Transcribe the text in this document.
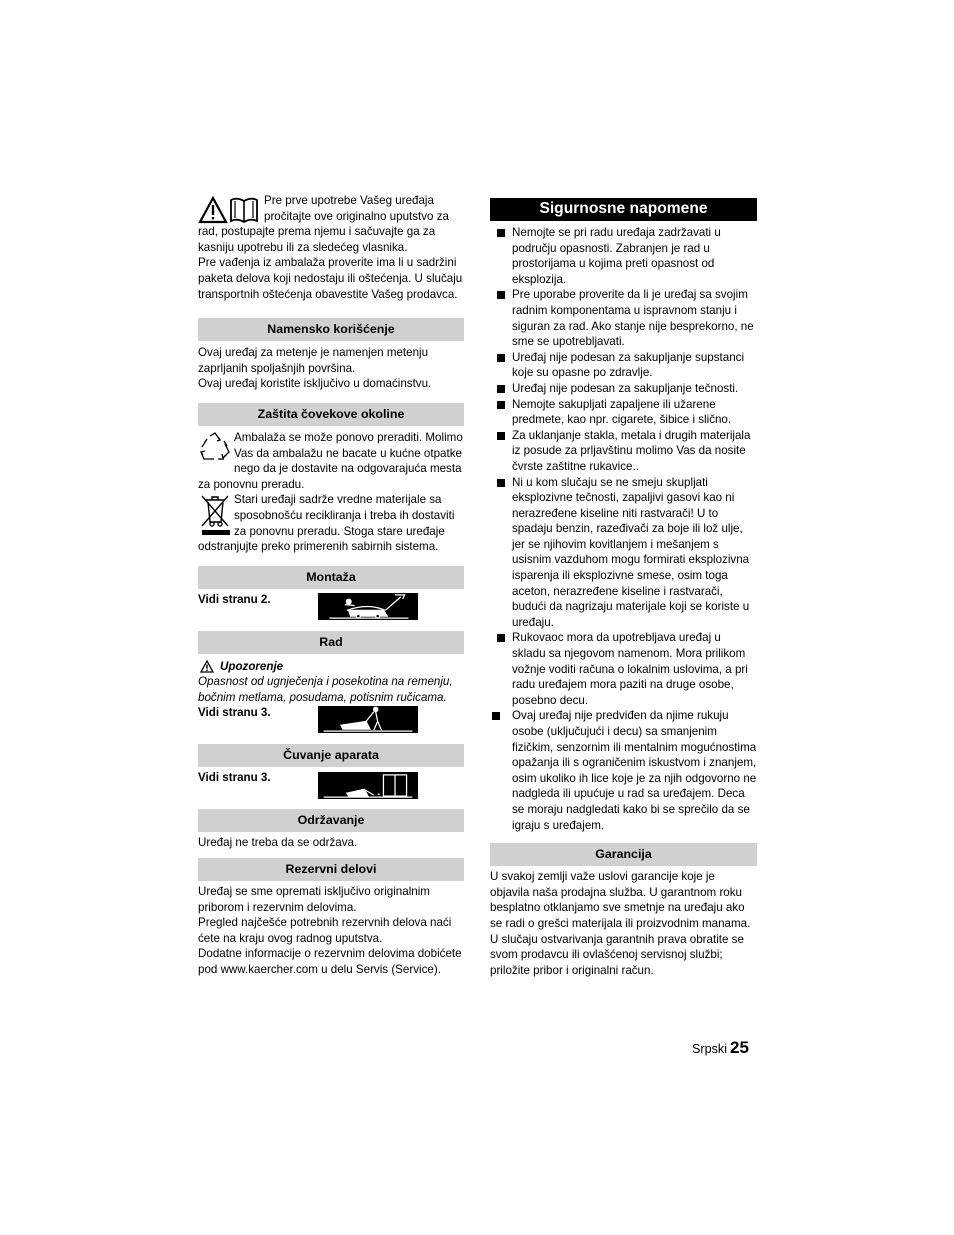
Pre prve upotrebe Vašeg uređaja pročitajte ove originalno uputstvo za rad, postupajte prema njemu i sačuvajte ga za kasniju upotrebu ili za sledećeg vlasnika.

Pre vađenja iz ambalaža proverite ima li u sadržini paketa delova koji nedostaju ili oštećenja. U slučaju transportnih oštećenja obavestite Vašeg prodavca.

Namensko korišćenje

Ovaj uređaj za metenje je namenjen metenju zaprljanih spoljašnjih površina.

Ovaj uređaj koristite isključivo u domaćinstvu.

Zaštita čovekove okoline

Ambalaža se može ponovo preraditi. Molimo Vas da ambalažu ne bacate u kućne otpatke nego da je dostavite na odgovarajuća mesta za ponovnu preradu.

Stari uređaji sadrže vredne materijale sa sposobnošću recikliranja i treba ih dostaviti za ponovnu preradu. Stoga stare uređaje odstranjujte preko primerenih sabirnih sistema.

Montaža
Vidi stranu 2.
Rad
Upozorenje

Opasnost od ugnječenja i posekotina na remenju, bočnim metlama, posudama, potisnim ručicama.

Vidi stranu 3.
Čuvanje aparata
Vidi stranu 3.
Održavanje

Uređaj ne treba da se održava.

Rezervni delovi

Uređaj se sme opremati isključivo originalnim priborom i rezervnim delovima.

Pregled najčešće potrebnih rezervnih delova naći ćete na kraju ovog radnog uputstva.

Dodatne informacije o rezervnim delovima dobićete pod www.kaercher.com u delu Servis (Service).

Sigurnosne napomene
Nemojte se pri radu uređaja zadržavati u području opasnosti. Zabranjen je rad u prostorijama u kojima preti opasnost od eksplozija.
Pre uporabe proverite da li je uređaj sa svojim radnim komponentama u ispravnom stanju i siguran za rad. Ako stanje nije besprekorno, ne sme se upotrebljavati.
Uređaj nije podesan za sakupljanje supstanci koje su opasne po zdravlje.
Uređaj nije podesan za sakupljanje tečnosti.
Nemojte sakupljati zapaljene ili užarene predmete, kao npr. cigarete, šibice i slično.
Za uklanjanje stakla, metala i drugih materijala iz posude za prljavštinu molimo Vas da nosite čvrste zaštitne rukavice..
Ni u kom slučaju se ne smeju skupljati eksplozivne tečnosti, zapaljivi gasovi kao ni nerazređene kiseline niti rastvarači! U to spadaju benzin, razeđivači za boje ili lož ulje, jer se njihovim kovitlanjem i mešanjem s usisnim vazduhom mogu formirati eksplozivna isparenja ili eksplozivne smese, osim toga aceton, nerazređene kiseline i rastvarači, budući da nagrizaju materijale koji se koriste u uređaju.
Rukovaoc mora da upotrebljava uređaj u skladu sa njegovom namenom. Mora prilikom vožnje voditi računa o lokalnim uslovima, a pri radu uređajem mora paziti na druge osobe, posebno decu.
Ovaj uređaj nije predviđen da njime rukuju osobe (uključujući i decu) sa smanjenim fizičkim, senzornim ili mentalnim mogućnostima opažanja ili s ograničenim iskustvom i znanjem, osim ukoliko ih lice koje je za njih odgovorno ne nadgleda ili upućuje u rad sa uređajem. Deca se moraju nadgledati kako bi se sprečilo da se igraju s uređajem.
Garancija

U svakoj zemlji važe uslovi garancije koje je objavila naša prodajna služba. U garantnom roku besplatno otklanjamo sve smetnje na uređaju ako se radi o grešci materijala ili proizvodnim manama. U slučaju ostvarivanja garantnih prava obratite se svom prodavcu ili ovlašćenoj servisnoj službi; priložite pribor i originalni račun.

Srpski 25
